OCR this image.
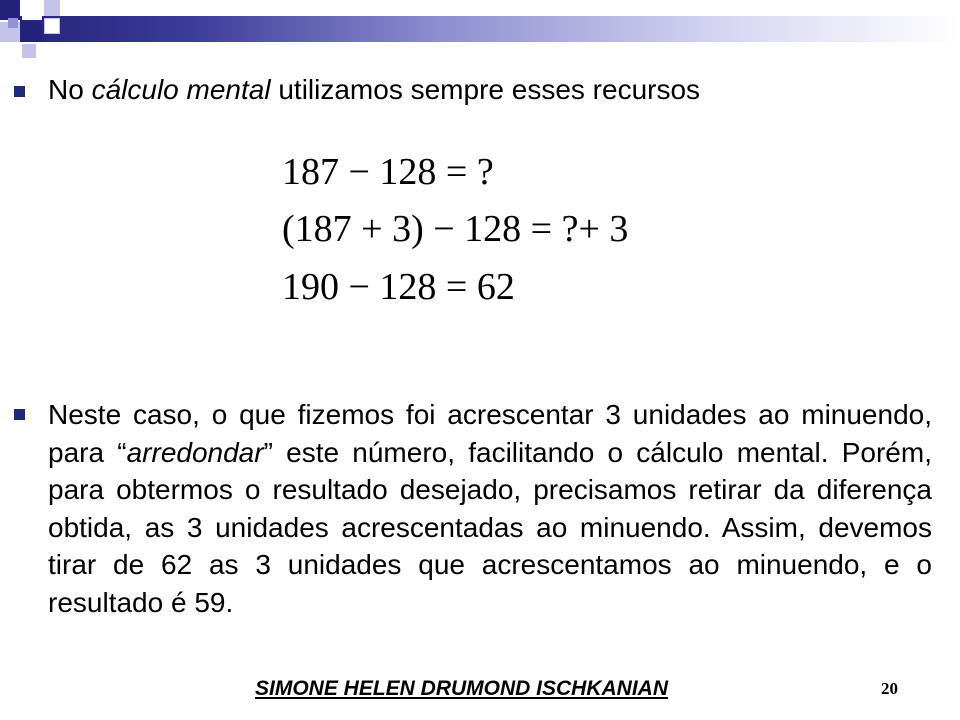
No cálculo mental utilizamos sempre esses recursos
187 − 128 = ?
(187 + 3) − 128 = ?+ 3
190 − 128 = 62
Neste caso, o que fizemos foi acrescentar 3 unidades ao minuendo, para “arredondar” este número, facilitando o cálculo mental. Porém, para obtermos o resultado desejado, precisamos retirar da diferença obtida, as 3 unidades acrescentadas ao minuendo. Assim, devemos tirar de 62 as 3 unidades que acrescentamos ao minuendo, e o resultado é 59.
SIMONE HELEN DRUMOND ISCHKANIAN	20
